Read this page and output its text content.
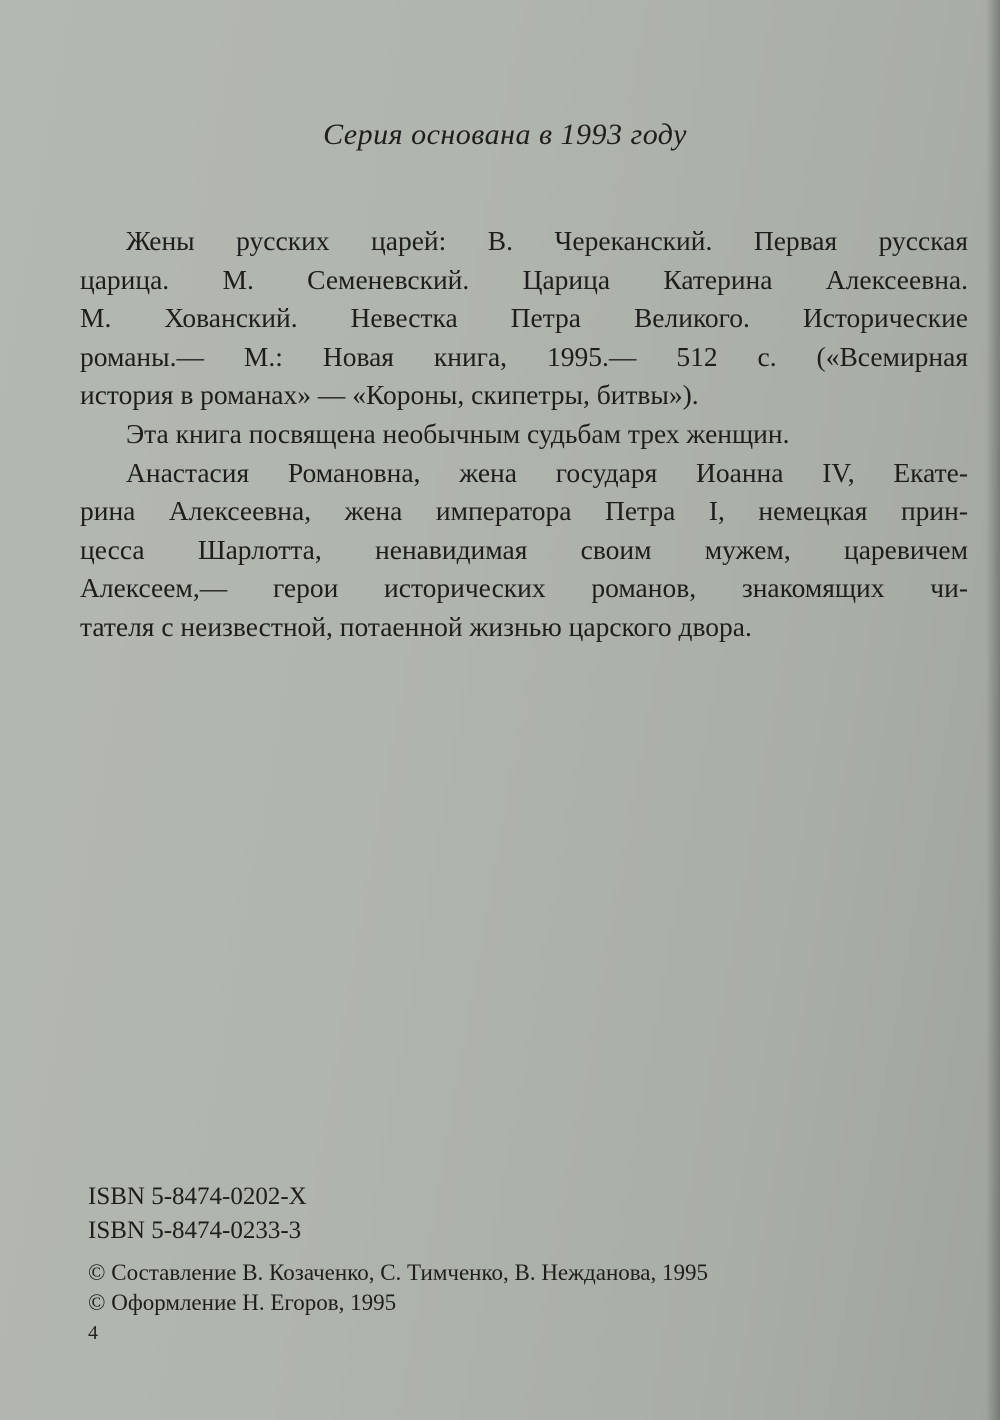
Серия основана в 1993 году
Жены русских царей: В. Череканский. Первая русская
царица. М. Семеневский. Царица Катерина Алексеевна.
М. Хованский. Невестка Петра Великого. Исторические
романы.— М.: Новая книга, 1995.— 512 с. («Всемирная
история в романах» — «Короны, скипетры, битвы»).
Эта книга посвящена необычным судьбам трех женщин.
Анастасия Романовна, жена государя Иоанна IV, Екате-
рина Алексеевна, жена императора Петра I, немецкая прин-
цесса Шарлотта, ненавидимая своим мужем, царевичем
Алексеем,— герои исторических романов, знакомящих чи-
тателя с неизвестной, потаенной жизнью царского двора.
ISBN 5-8474-0202-X
ISBN 5-8474-0233-3
© Составление В. Козаченко, С. Тимченко, В. Нежданова, 1995
© Оформление Н. Егоров, 1995
4
